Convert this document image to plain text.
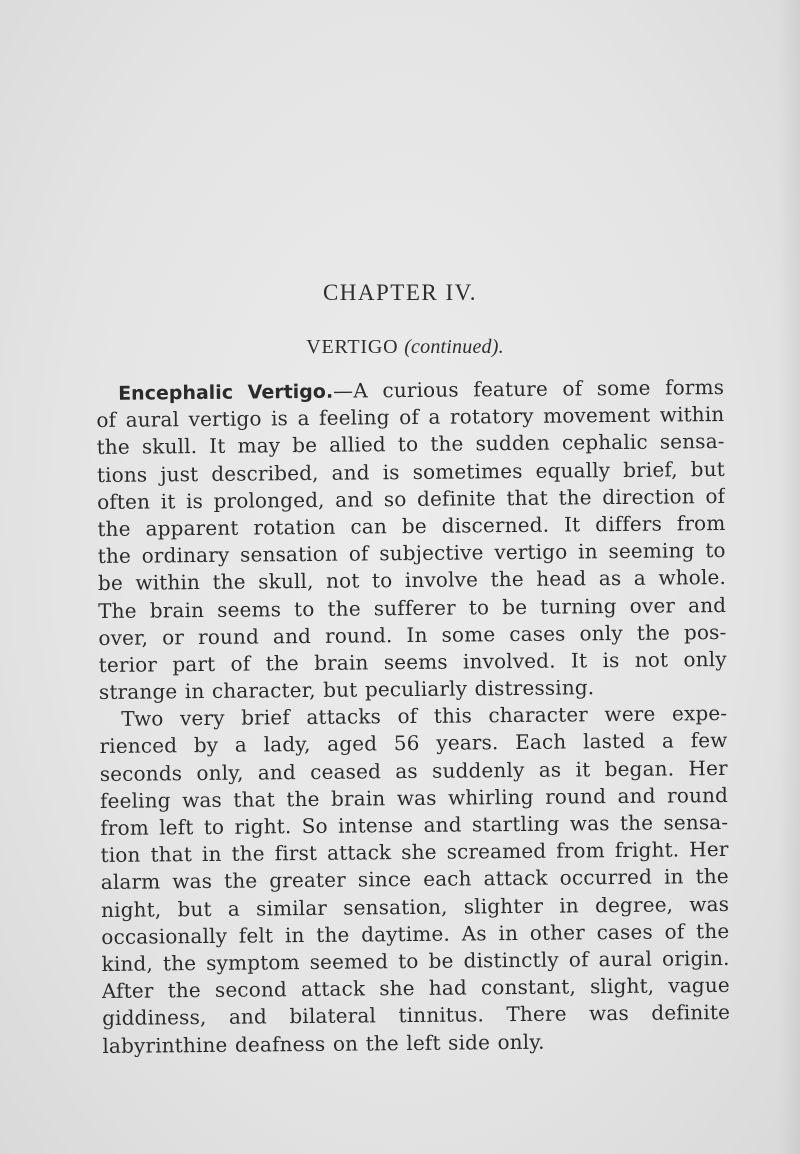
CHAPTER IV.
VERTIGO (continued).
Encephalic Vertigo.—A curious feature of some forms
of aural vertigo is a feeling of a rotatory movement within
the skull. It may be allied to the sudden cephalic sensa-
tions just described, and is sometimes equally brief, but
often it is prolonged, and so definite that the direction of
the apparent rotation can be discerned. It differs from
the ordinary sensation of subjective vertigo in seeming to
be within the skull, not to involve the head as a whole.
The brain seems to the sufferer to be turning over and
over, or round and round. In some cases only the pos-
terior part of the brain seems involved. It is not only
strange in character, but peculiarly distressing.
Two very brief attacks of this character were expe-
rienced by a lady, aged 56 years. Each lasted a few
seconds only, and ceased as suddenly as it began. Her
feeling was that the brain was whirling round and round
from left to right. So intense and startling was the sensa-
tion that in the first attack she screamed from fright. Her
alarm was the greater since each attack occurred in the
night, but a similar sensation, slighter in degree, was
occasionally felt in the daytime. As in other cases of the
kind, the symptom seemed to be distinctly of aural origin.
After the second attack she had constant, slight, vague
giddiness, and bilateral tinnitus. There was definite
labyrinthine deafness on the left side only.
